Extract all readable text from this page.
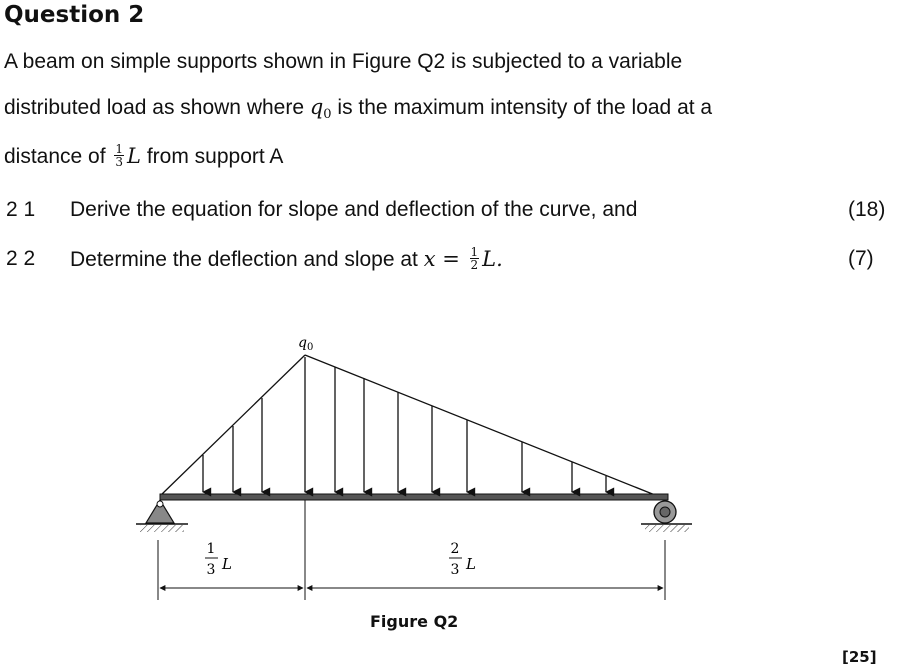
Question 2
A beam on simple supports shown in Figure Q2 is subjected to a variable
distributed load as shown where q0 is the maximum intensity of the load at a
distance of $\frac{1}{3}$ L from support A
2 1 Derive the equation for slope and deflection of the curve, and	(18)
2 2 Determine the deflection and slope at $x = \frac{1}{2} L$.	(7)
$q_0$
1
3 L
2
3 L
Figure Q2
[25]
